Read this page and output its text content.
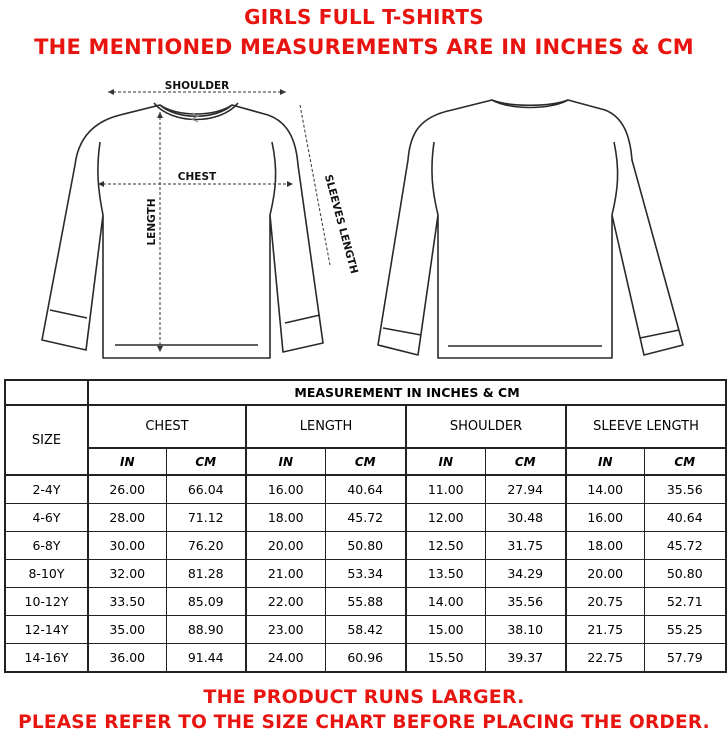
GIRLS FULL T-SHIRTS
THE MENTIONED MEASUREMENTS ARE IN INCHES & CM
SHOULDER
CHEST
LENGTH	SLEEVES LENGTH
	MEASUREMENT IN INCHES & CM							
SIZE	CHEST		LENGTH		SHOULDER		SLEEVE LENGTH	
	IN	CM	IN	CM	IN	CM	IN	CM
2-4Y	26.00	66.04	16.00	40.64	11.00	27.94	14.00	35.56
4-6Y	28.00	71.12	18.00	45.72	12.00	30.48	16.00	40.64
6-8Y	30.00	76.20	20.00	50.80	12.50	31.75	18.00	45.72
8-10Y	32.00	81.28	21.00	53.34	13.50	34.29	20.00	50.80
10-12Y	33.50	85.09	22.00	55.88	14.00	35.56	20.75	52.71
12-14Y	35.00	88.90	23.00	58.42	15.00	38.10	21.75	55.25
14-16Y	36.00	91.44	24.00	60.96	15.50	39.37	22.75	57.79
THE PRODUCT RUNS LARGER.
PLEASE REFER TO THE SIZE CHART BEFORE PLACING THE ORDER.
